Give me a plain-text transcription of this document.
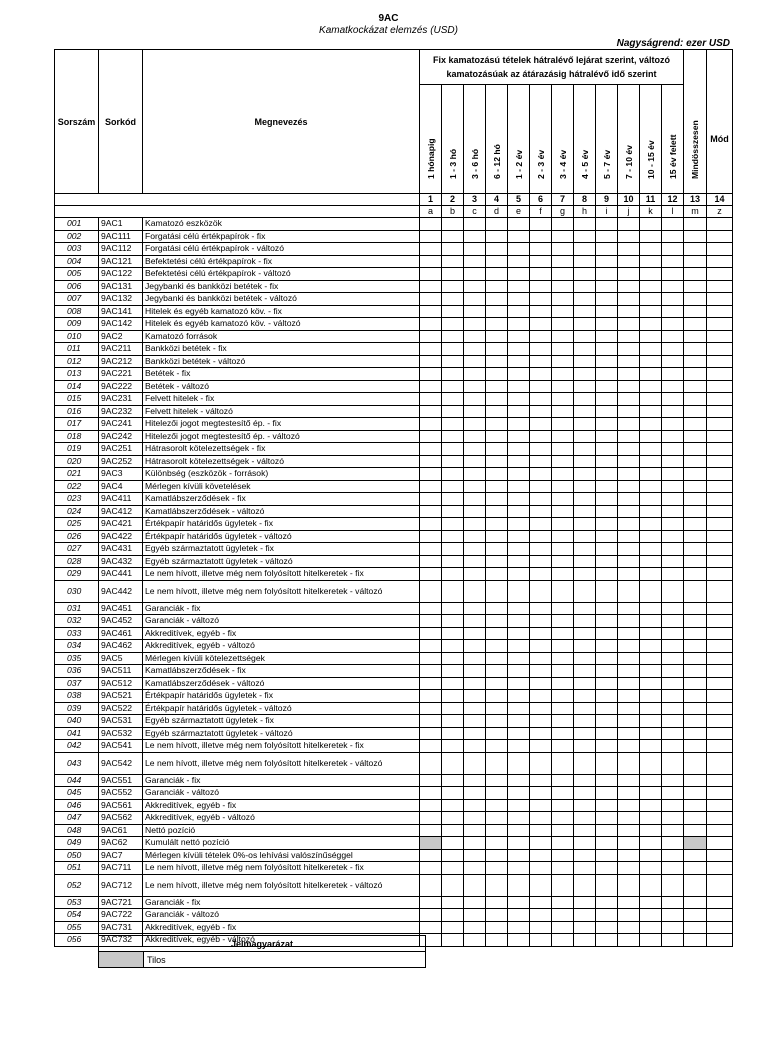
9AC
Kamatkockázat elemzés (USD)
Nagyságrend: ezer USD
Sorszám	Sorkód	Megnevezés	Fix kamatozású tételek hátralévő lejárat szerint, változó kamatozásúak az átárazásig hátralévő idő szerint													

			1 hónapig	1 - 3 hó	3 - 6 hó	6 - 12 hó	1 - 2 év	2 - 3 év	3 - 4 év	4 - 5 év	5 - 7 év	7 - 10 év	10 - 15 év	15 év felett	Mindösszesen	Mód
			1	2	3	4	5	6	7	8	9	10	11	12	13	14
			a	b	c	d	e	f	g	h	i	j	k	l	m	z
001	9AC1	Kamatozó eszközök														
002	9AC111	Forgatási célú értékpapírok - fix														
003	9AC112	Forgatási célú értékpapírok - változó														
004	9AC121	Befektetési célú értékpapírok - fix														
005	9AC122	Befektetési célú értékpapírok - változó														
006	9AC131	Jegybanki és bankközi betétek - fix														
007	9AC132	Jegybanki és bankközi betétek - változó														
008	9AC141	Hitelek és egyéb kamatozó köv. - fix														
009	9AC142	Hitelek és egyéb kamatozó köv. - változó														
010	9AC2	Kamatozó források														
011	9AC211	Bankközi betétek - fix														
012	9AC212	Bankközi betétek - változó														
013	9AC221	Betétek - fix														
014	9AC222	Betétek - változó														
015	9AC231	Felvett hitelek - fix														
016	9AC232	Felvett hitelek - változó														
017	9AC241	Hitelezői jogot megtestesítő ép. - fix														
018	9AC242	Hitelezői jogot megtestesítő ép. - változó														
019	9AC251	Hátrasorolt kötelezettségek - fix														
020	9AC252	Hátrasorolt kötelezettségek - változó														
021	9AC3	Különbség (eszközök - források)														
022	9AC4	Mérlegen kívüli követelések														
023	9AC411	Kamatlábszerződések - fix														
024	9AC412	Kamatlábszerződések - változó														
025	9AC421	Értékpapír határidős ügyletek - fix														
026	9AC422	Értékpapír határidős ügyletek - változó														
027	9AC431	Egyéb származtatott ügyletek - fix														
028	9AC432	Egyéb származtatott ügyletek - változó														
029	9AC441	Le nem hívott, illetve még nem folyósított hitelkeretek - fix														
030	9AC442	Le nem hívott, illetve még nem folyósított hitelkeretek - változó														
031	9AC451	Garanciák - fix														
032	9AC452	Garanciák - változó														
033	9AC461	Akkreditívek, egyéb - fix														
034	9AC462	Akkreditívek, egyéb - változó														
035	9AC5	Mérlegen kívüli kötelezettségek														
036	9AC511	Kamatlábszerződések - fix														
037	9AC512	Kamatlábszerződések - változó														
038	9AC521	Értékpapír határidős ügyletek - fix														
039	9AC522	Értékpapír határidős ügyletek - változó														
040	9AC531	Egyéb származtatott ügyletek - fix														
041	9AC532	Egyéb származtatott ügyletek - változó														
042	9AC541	Le nem hívott, illetve még nem folyósított hitelkeretek - fix														
043	9AC542	Le nem hívott, illetve még nem folyósított hitelkeretek - változó														
044	9AC551	Garanciák - fix														
045	9AC552	Garanciák - változó														
046	9AC561	Akkreditívek, egyéb - fix														
047	9AC562	Akkreditívek, egyéb - változó														
048	9AC61	Nettó pozíció														
049	9AC62	Kumulált nettó pozíció														
050	9AC7	Mérlegen kívüli tételek 0%-os lehívási valószínűséggel														
051	9AC711	Le nem hívott, illetve még nem folyósított hitelkeretek - fix														
052	9AC712	Le nem hívott, illetve még nem folyósított hitelkeretek - változó														
053	9AC721	Garanciák - fix														
054	9AC722	Garanciák - változó														
055	9AC731	Akkreditívek, egyéb - fix														
056	9AC732	Akkreditívek, egyéb - változó														
Jelmagyarázat
	Tilos
